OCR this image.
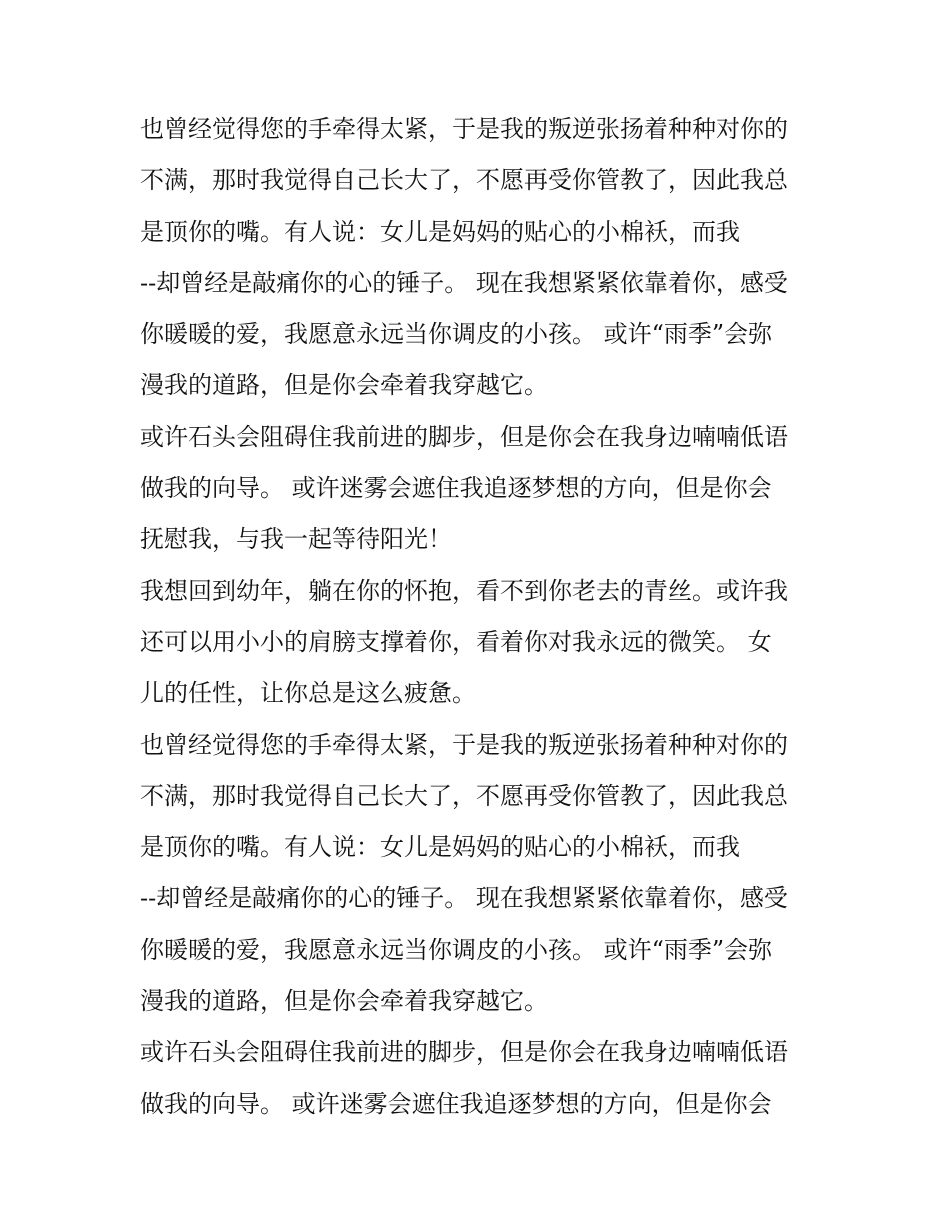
也曾经觉得您的手牵得太紧，于是我的叛逆张扬着种种对你的
不满，那时我觉得自己长大了，不愿再受你管教了，因此我总
是顶你的嘴。有人说：女儿是妈妈的贴心的小棉袄，而我
--却曾经是敲痛你的心的锤子。 现在我想紧紧依靠着你，感受
你暖暖的爱，我愿意永远当你调皮的小孩。 或许“雨季”会弥
漫我的道路，但是你会牵着我穿越它。
或许石头会阻碍住我前进的脚步，但是你会在我身边喃喃低语
做我的向导。 或许迷雾会遮住我追逐梦想的方向，但是你会
抚慰我，与我一起等待阳光！
我想回到幼年，躺在你的怀抱，看不到你老去的青丝。或许我
还可以用小小的肩膀支撑着你，看着你对我永远的微笑。 女
儿的任性，让你总是这么疲惫。
也曾经觉得您的手牵得太紧，于是我的叛逆张扬着种种对你的
不满，那时我觉得自己长大了，不愿再受你管教了，因此我总
是顶你的嘴。有人说：女儿是妈妈的贴心的小棉袄，而我
--却曾经是敲痛你的心的锤子。 现在我想紧紧依靠着你，感受
你暖暖的爱，我愿意永远当你调皮的小孩。 或许“雨季”会弥
漫我的道路，但是你会牵着我穿越它。
或许石头会阻碍住我前进的脚步，但是你会在我身边喃喃低语
做我的向导。 或许迷雾会遮住我追逐梦想的方向，但是你会
